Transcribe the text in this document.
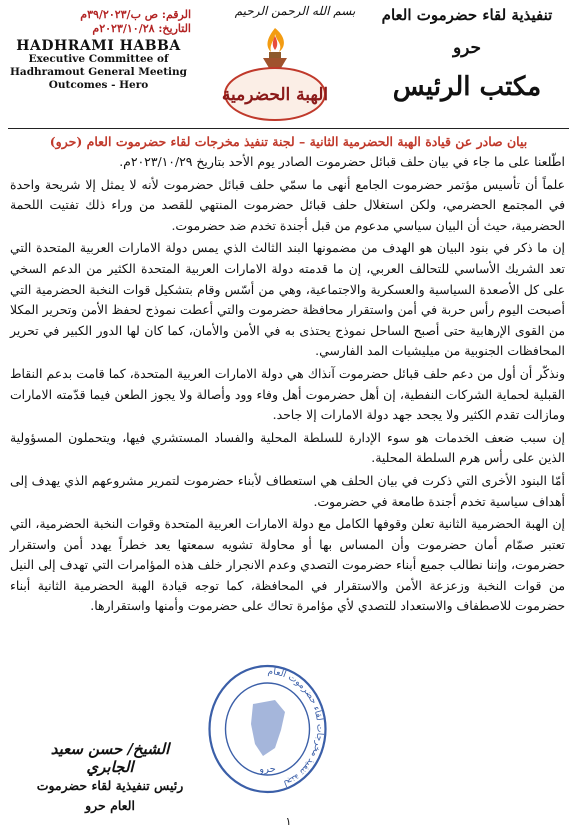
تنفيذية لقاء حضرموت العام
حرو
مكتب الرئيس
بسم الله الرحمن الرحيم
الهبة الحضرمية
الرقم: ص ب/٣٩/٢٠٢٣م
التاريخ: ٢٠٢٣/١٠/٢٨م
HADHRAMI HABBA
Executive Committee of
Hadhramout General Meeting
Outcomes - Hero
بيان صادر عن قيادة الهبة الحضرمية الثانية – لجنة تنفيذ مخرجات لقاء حضرموت العام (حرو)

اطّلعنا على ما جاء في بيان حلف قبائل حضرموت الصادر يوم الأحد بتاريخ ٢٠٢٣/١٠/٢٩م.

علماً أن تأسيس مؤتمر حضرموت الجامع أنهى ما سمّي حلف قبائل حضرموت لأنه لا يمثل إلا شريحة واحدة في المجتمع الحضرمي، ولكن استغلال حلف قبائل حضرموت المنتهي للقصد من وراء ذلك تفتيت اللحمة الحضرمية، حيث أن البيان سياسي مدعوم من قبل أجندة تخدم ضد حضرموت.

إن ما ذكر في بنود البيان هو الهدف من مضمونها البند الثالث الذي يمس دولة الامارات العربية المتحدة التي تعد الشريك الأساسي للتحالف العربي، إن ما قدمته دولة الامارات العربية المتحدة الكثير من الدعم السخي على كل الأصعدة السياسية والعسكرية والاجتماعية، وهي من أسّس وقام بتشكيل قوات النخبة الحضرمية التي أصبحت اليوم رأس حربة في أمن واستقرار محافظة حضرموت والتي أعطت نموذج لحفظ الأمن وتحرير المكلا من القوى الإرهابية حتى أصبح الساحل نموذج يحتذى به في الأمن والأمان، كما كان لها الدور الكبير في تحرير المحافظات الجنوبية من ميليشيات المد الفارسي.

ونذكّر أن أول من دعم حلف قبائل حضرموت آنذاك هي دولة الامارات العربية المتحدة، كما قامت بدعم النقاط القبلية لحماية الشركات النفطية، إن أهل حضرموت أهل وفاء وود وأصالة ولا يجوز الطعن فيما قدّمته الامارات ومازالت تقدم الكثير ولا يجحد جهد دولة الامارات إلا جاحد.

إن سبب ضعف الخدمات هو سوء الإدارة للسلطة المحلية والفساد المستشري فيها، ويتحملون المسؤولية الذين على رأس هرم السلطة المحلية.

أمّا البنود الأخرى التي ذكرت في بيان الحلف هي استعطاف لأبناء حضرموت لتمرير مشروعهم الذي يهدف إلى أهداف سياسية تخدم أجندة طامعة في حضرموت.

إن الهبة الحضرمية الثانية تعلن وقوفها الكامل مع دولة الامارات العربية المتحدة وقوات النخبة الحضرمية، التي تعتبر صمّام أمان حضرموت وأن المساس بها أو محاولة تشويه سمعتها يعد خطراً يهدد أمن واستقرار حضرموت، وإننا نطالب جميع أبناء حضرموت التصدي وعدم الانجرار خلف هذه المؤامرات التي تهدف إلى النيل من قوات النخبة وزعزعة الأمن والاستقرار في المحافظة، كما توجه قيادة الهبة الحضرمية الثانية أبناء حضرموت للاصطفاف والاستعداد للتصدي لأي مؤامرة تحاك على حضرموت وأمنها واستقرارها.

لجنة تنفيذ مخرجات لقاء حضرموت العام
حرو
الشيخ/ حسن سعيد الجابري
رئيس تنفيذية لقاء حضرموت
العام حرو
١
